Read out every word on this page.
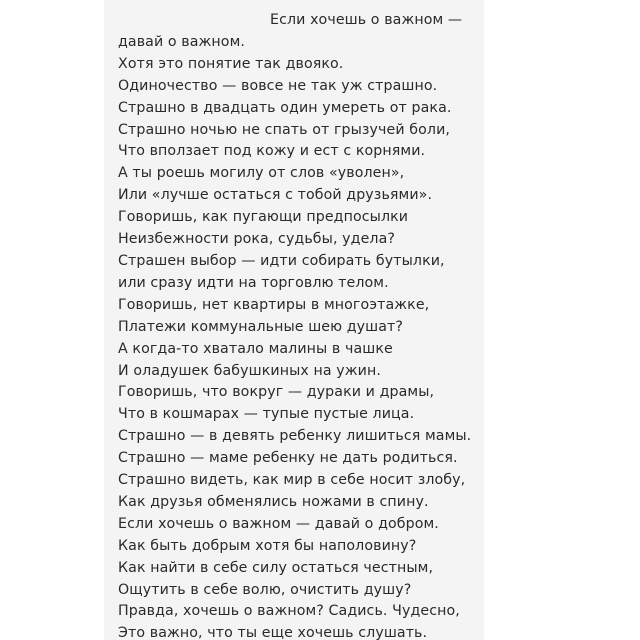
Если хочешь о важном —
давай о важном.
Хотя это понятие так двояко.
Одиночество — вовсе не так уж страшно.
Страшно в двадцать один умереть от рака.
Страшно ночью не спать от грызучей боли,
Что вползает под кожу и ест с корнями.
А ты роешь могилу от слов «уволен»,
Или «лучше остаться с тобой друзьями».
Говоришь, как пугающи предпосылки
Неизбежности рока, судьбы, удела?
Страшен выбор — идти собирать бутылки,
или сразу идти на торговлю телом.
Говоришь, нет квартиры в многоэтажке,
Платежи коммунальные шею душат?
А когда-то хватало малины в чашке
И оладушек бабушкиных на ужин.
Говоришь, что вокруг — дураки и драмы,
Что в кошмарах — тупые пустые лица.
Страшно — в девять ребенку лишиться мамы.
Страшно — маме ребенку не дать родиться.
Страшно видеть, как мир в себе носит злобу,
Как друзья обменялись ножами в спину.
Если хочешь о важном — давай о добром.
Как быть добрым хотя бы наполовину?
Как найти в себе силу остаться честным,
Ощутить в себе волю, очистить душу?
Правда, хочешь о важном? Садись. Чудесно,
Это важно, что ты еще хочешь слушать.
